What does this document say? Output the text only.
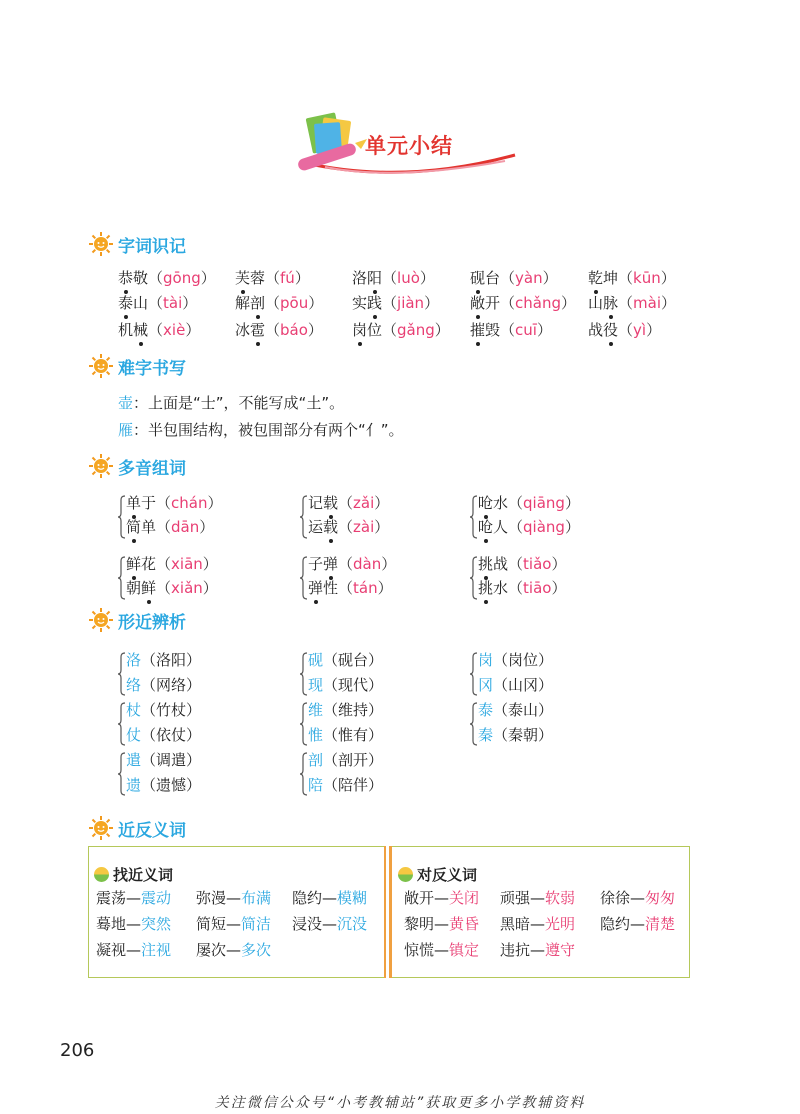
单元小结
字词识记
难字书写
多音组词
形近辨析
近反义词
恭敬（gōng） 芙蓉（fú）	洛阳（luò） 砚台（yàn） 乾坤（kūn）
泰山（tài）	解剖（pōu） 实践（jiàn） 敞开（chǎng） 山脉（mài）
机械（xiè） 冰雹（báo） 岗位（gǎng） 摧毁（cuī） 战役（yì）
壶：上面是“士”，不能写成“土”。
雁：半包围结构，被包围部分有两个“亻”。
单于（chán）
简单（dān）
记载（zǎi）
运载（zài）
呛水（qiāng）
呛人（qiàng）
鲜花（xiān）
朝鲜（xiǎn）
子弹（dàn）
弹性（tán）
挑战（tiǎo）
挑水（tiāo）
洛（洛阳）
络（网络）
砚（砚台）
现（现代）
岗（岗位）
冈（山冈）
杖（竹杖）
仗（依仗）
维（维持）
惟（惟有）
泰（泰山）
秦（秦朝）
遣（调遣）
遗（遗憾）
剖（剖开）
陪（陪伴）
找近义词	对反义词
震荡—震动 弥漫—布满 隐约—模糊
蓦地—突然 简短—简洁 浸没—沉没
凝视—注视 屡次—多次
敞开—关闭 顽强—软弱 徐徐—匆匆
黎明—黄昏 黑暗—光明 隐约—清楚
惊慌—镇定 违抗—遵守
206
关注微信公众号“小考教辅站”获取更多小学教辅资料
